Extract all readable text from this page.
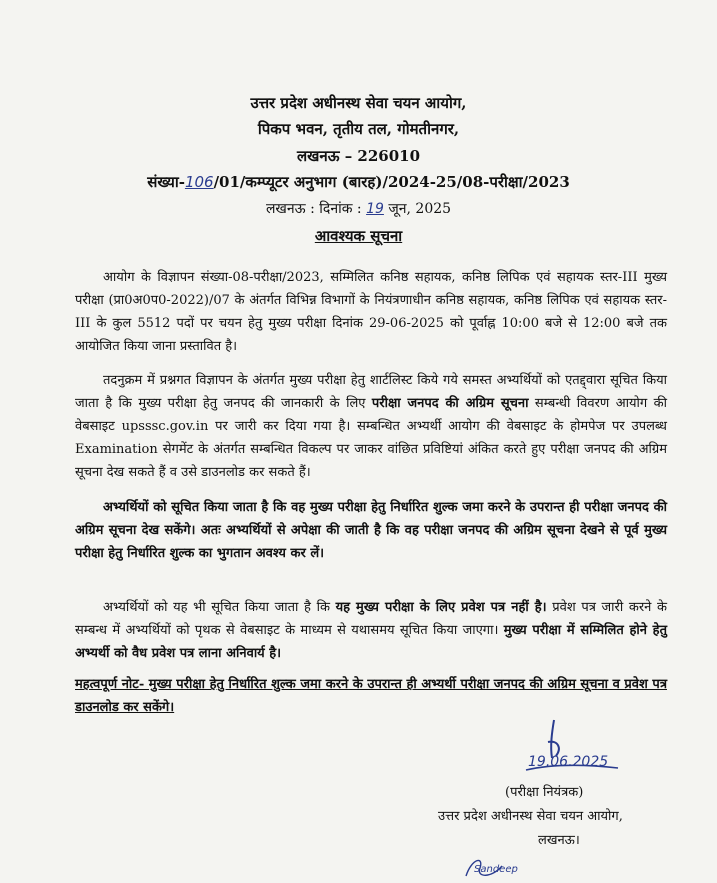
उत्तर प्रदेश अधीनस्थ सेवा चयन आयोग,
पिकप भवन, तृतीय तल, गोमतीनगर,
लखनऊ – 226010
संख्या-106/01/कम्प्यूटर अनुभाग (बारह)/2024-25/08-परीक्षा/2023
लखनऊ : दिनांक : 19 जून, 2025
आवश्यक सूचना
आयोग के विज्ञापन संख्या-08-परीक्षा/2023, सम्मिलित कनिष्ठ सहायक, कनिष्ठ लिपिक एवं सहायक स्तर-III मुख्य परीक्षा (प्रा0अ0प0-2022)/07 के अंतर्गत विभिन्न विभागों के नियंत्रणाधीन कनिष्ठ सहायक, कनिष्ठ लिपिक एवं सहायक स्तर-III के कुल 5512 पदों पर चयन हेतु मुख्य परीक्षा दिनांक 29-06-2025 को पूर्वाह्न 10:00 बजे से 12:00 बजे तक आयोजित किया जाना प्रस्तावित है।
तदनुक्रम में प्रश्नगत विज्ञापन के अंतर्गत मुख्य परीक्षा हेतु शार्टलिस्ट किये गये समस्त अभ्यर्थियों को एतद्द्वारा सूचित किया जाता है कि मुख्य परीक्षा हेतु जनपद की जानकारी के लिए परीक्षा जनपद की अग्रिम सूचना सम्बन्धी विवरण आयोग की वेबसाइट upsssc.gov.in पर जारी कर दिया गया है। सम्बन्धित अभ्यर्थी आयोग की वेबसाइट के होमपेज पर उपलब्ध Examination सेगमेंट के अंतर्गत सम्बन्धित विकल्प पर जाकर वांछित प्रविष्टियां अंकित करते हुए परीक्षा जनपद की अग्रिम सूचना देख सकते हैं व उसे डाउनलोड कर सकते हैं।
अभ्यर्थियों को सूचित किया जाता है कि वह मुख्य परीक्षा हेतु निर्धारित शुल्क जमा करने के उपरान्त ही परीक्षा जनपद की अग्रिम सूचना देख सकेंगे। अतः अभ्यर्थियों से अपेक्षा की जाती है कि वह परीक्षा जनपद की अग्रिम सूचना देखने से पूर्व मुख्य परीक्षा हेतु निर्धारित शुल्क का भुगतान अवश्य कर लें।
अभ्यर्थियों को यह भी सूचित किया जाता है कि यह मुख्य परीक्षा के लिए प्रवेश पत्र नहीं है। प्रवेश पत्र जारी करने के सम्बन्ध में अभ्यर्थियों को पृथक से वेबसाइट के माध्यम से यथासमय सूचित किया जाएगा। मुख्य परीक्षा में सम्मिलित होने हेतु अभ्यर्थी को वैध प्रवेश पत्र लाना अनिवार्य है।
महत्वपूर्ण नोट- मुख्य परीक्षा हेतु निर्धारित शुल्क जमा करने के उपरान्त ही अभ्यर्थी परीक्षा जनपद की अग्रिम सूचना व प्रवेश पत्र डाउनलोड कर सकेंगे।
19.06.2025
(परीक्षा नियंत्रक)
उत्तर प्रदेश अधीनस्थ सेवा चयन आयोग,
लखनऊ।
Sandeep
